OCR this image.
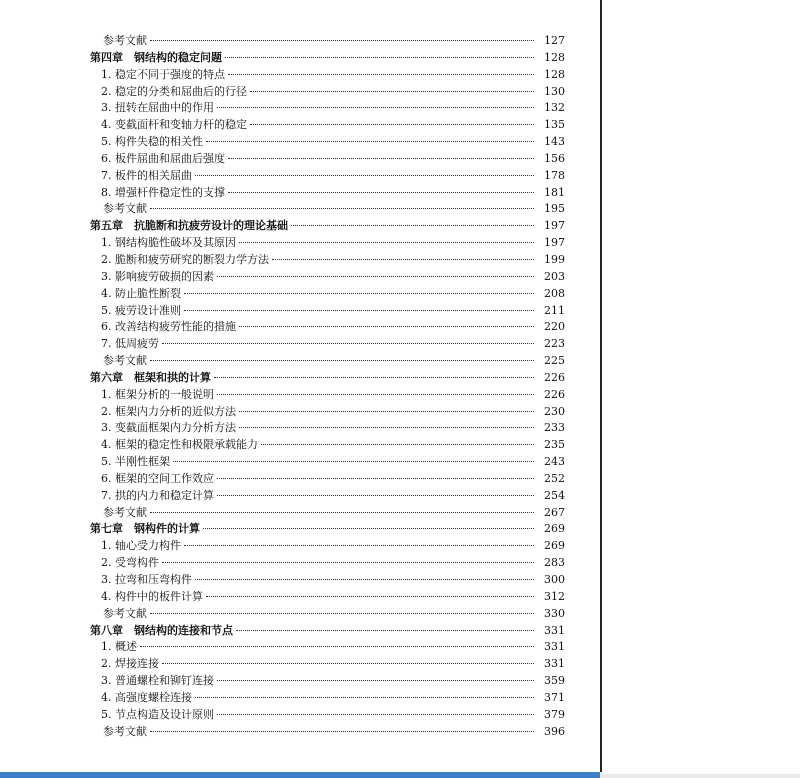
参考文献	127
第四章　钢结构的稳定问题	128
1. 稳定不同于强度的特点	128
2. 稳定的分类和屈曲后的行径	130
3. 扭转在屈曲中的作用	132
4. 变截面杆和变轴力杆的稳定	135
5. 构件失稳的相关性	143
6. 板件屈曲和屈曲后强度	156
7. 板件的相关屈曲	178
8. 增强杆件稳定性的支撑	181
参考文献	195
第五章　抗脆断和抗疲劳设计的理论基础	197
1. 钢结构脆性破坏及其原因	197
2. 脆断和疲劳研究的断裂力学方法	199
3. 影响疲劳破损的因素	203
4. 防止脆性断裂	208
5. 疲劳设计准则	211
6. 改善结构疲劳性能的措施	220
7. 低周疲劳	223
参考文献	225
第六章　框架和拱的计算	226
1. 框架分析的一般说明	226
2. 框架内力分析的近似方法	230
3. 变截面框架内力分析方法	233
4. 框架的稳定性和极限承载能力	235
5. 半刚性框架	243
6. 框架的空间工作效应	252
7. 拱的内力和稳定计算	254
参考文献	267
第七章　钢构件的计算	269
1. 轴心受力构件	269
2. 受弯构件	283
3. 拉弯和压弯构件	300
4. 构件中的板件计算	312
参考文献	330
第八章　钢结构的连接和节点	331
1. 概述	331
2. 焊接连接	331
3. 普通螺栓和铆钉连接	359
4. 高强度螺栓连接	371
5. 节点构造及设计原则	379
参考文献	396
